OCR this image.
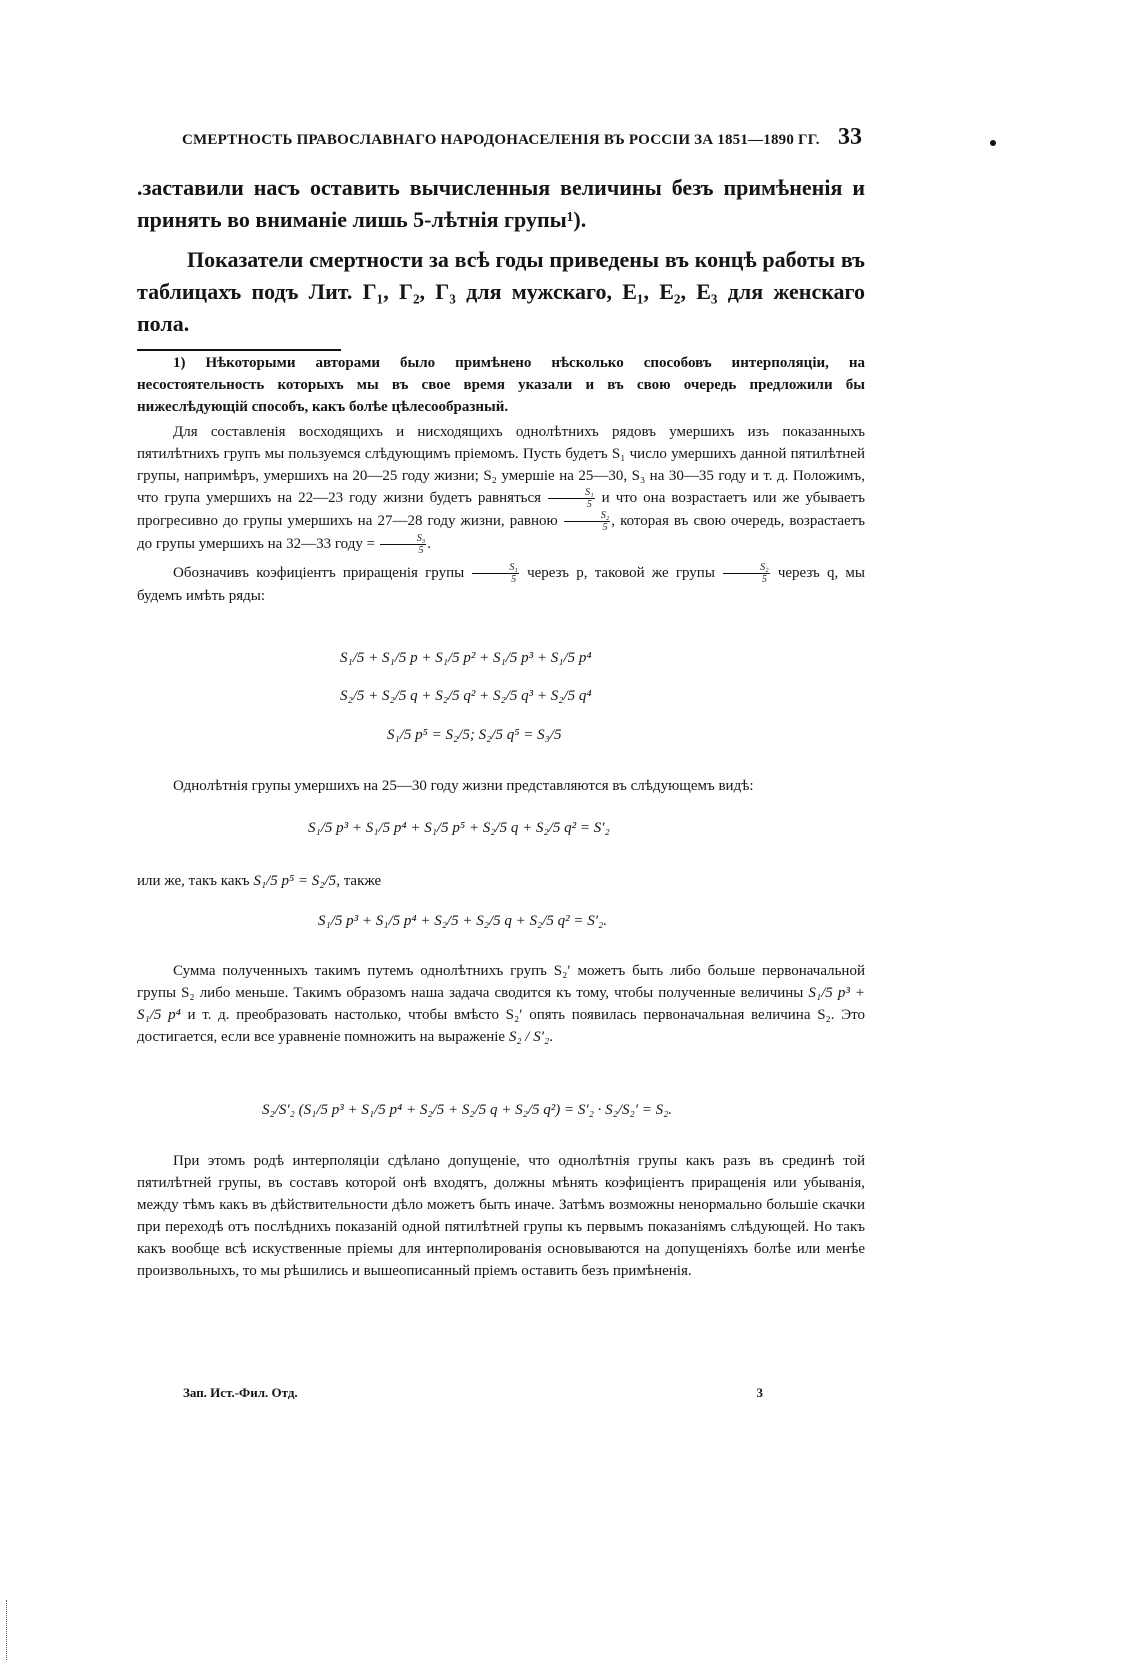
СМЕРТНОСТЬ ПРАВОСЛАВНАГО НАРОДОНАСЕЛЕНІЯ ВЪ РОССІИ ЗА 1851—1890 ГГ. 33

.заставили насъ оставить вычисленныя величины безъ примѣненія и принять во вниманіе лишь 5-лѣтнія групы¹).

Показатели смертности за всѣ годы приведены въ концѣ работы въ таблицахъ подъ Лит. Г₁, Г₂, Г₃ для мужскаго, Е₁, Е₂, Е₃ для женскаго пола.

1) Нѣкоторыми авторами было примѣнено нѣсколько способовъ интерполяціи, на несостоятельность которыхъ мы въ свое время указали и въ свою очередь предложили бы нижеслѣдующій способъ, какъ болѣе цѣлесообразный.

Для составленія восходящихъ и нисходящихъ однолѣтнихъ рядовъ умершихъ изъ показанныхъ пятилѣтнихъ групъ мы пользуемся слѣдующимъ пріемомъ. Пусть будетъ S₁ число умершихъ данной пятилѣтней групы, напримѣръ, умершихъ на 20—25 году жизни; S₂ умершіе на 25—30, S₃ на 30—35 году и т. д. Положимъ, что група умершихъ на 22—23 году жизни будетъ равняться $\frac{\text{S₁}}{5}$ и что она возрастаетъ или же убываетъ прогресивно до групы умершихъ на 27—28 году жизни, равною $\frac{\text{S₂}}{5}$ , которая въ свою очередь, возрастаетъ до групы умершихъ на 32—33 году = $\frac{\text{S₃}}{5}$ .

Обозначивъ коэфиціентъ приращенія групы $\frac{\text{S₁}}{5}$ черезъ p, таковой же групы $\frac{\text{S₂}}{5}$ черезъ q, мы будемъ имѣть ряды:

S₁/5 + S₁/5 p + S₁/5 p² + S₁/5 p³ + S₁/5 p⁴
S₂/5 + S₂/5 q + S₂/5 q² + S₂/5 q³ + S₂/5 q⁴
S₁/5 p⁵ = S₂/5; S₂/5 q⁵ = S₃/5

Однолѣтнія групы умершихъ на 25—30 году жизни представляются въ слѣдующемъ видѣ:

S₁/5 p³ + S₁/5 p⁴ + S₁/5 p⁵ + S₂/5 q + S₂/5 q² = S′₂

или же, такъ какъ S₁/5 p⁵ = S₂/5, также

S₁/5 p³ + S₁/5 p⁴ + S₂/5 + S₂/5 q + S₂/5 q² = S′₂.

Сумма полученныхъ такимъ путемъ однолѣтнихъ групъ S₂′ можетъ быть либо больше первоначальной групы S₂ либо меньше. Такимъ образомъ наша задача сводится къ тому, чтобы полученные величины S₁/5 p³ + S₁/5 p⁴ и т. д. преобразовать настолько, чтобы вмѣсто S₂′ опять появилась первоначальная величина S₂. Это достигается, если все уравненіе помножить на выраженіе S₂ / S′₂.

S₂/S′₂ (S₁/5 p³ + S₁/5 p⁴ + S₂/5 + S₂/5 q + S₂/5 q²) = S′₂ · S₂/S₂′ = S₂.

При этомъ родѣ интерполяціи сдѣлано допущеніе, что однолѣтнія групы какъ разъ въ срединѣ той пятилѣтней групы, въ составъ которой онѣ входятъ, должны мѣнять коэфиціентъ приращенія или убыванія, между тѣмъ какъ въ дѣйствительности дѣло можетъ быть иначе. Затѣмъ возможны ненормально большіе скачки при переходѣ отъ послѣднихъ показаній одной пятилѣтней групы къ первымъ показаніямъ слѣдующей. Но такъ какъ вообще всѣ искуственные пріемы для интерполированія основываются на допущеніяхъ болѣе или менѣе произвольныхъ, то мы рѣшились и вышеописанный пріемъ оставить безъ примѣненія.

Зап. Ист.-Фил. Отд.	3
